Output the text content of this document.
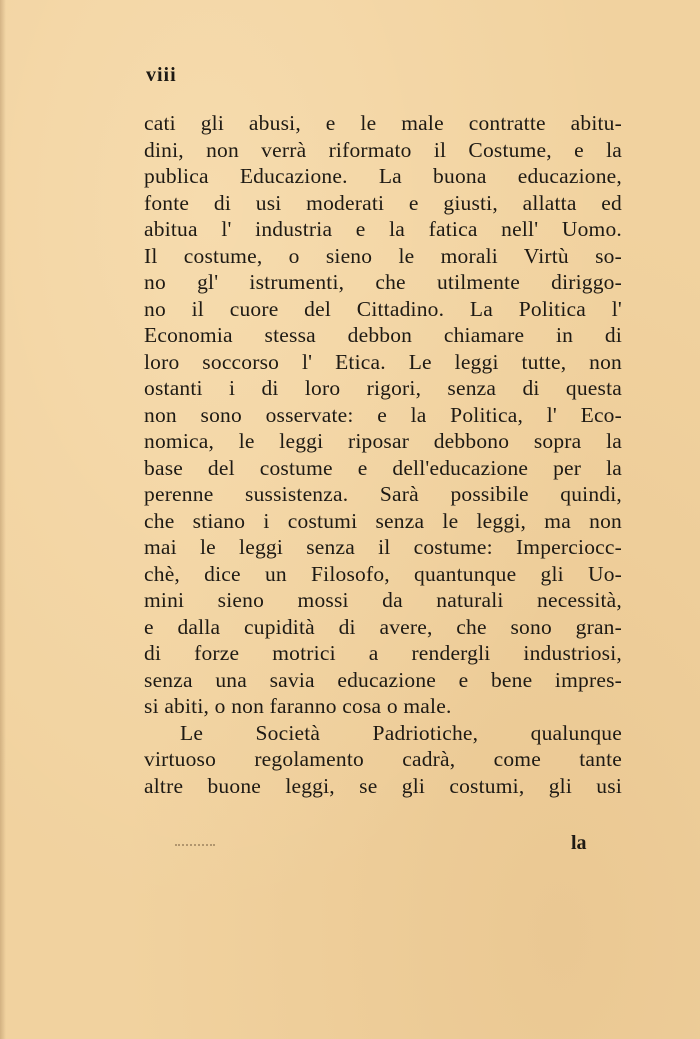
viii
cati gli abusi, e le male contratte abitu-
dini, non verrà riformato il Costume, e la
publica Educazione. La buona educazione,
fonte di usi moderati e giusti, allatta ed
abitua l' industria e la fatica nell' Uomo.
Il costume, o sieno le morali Virtù so-
no gl' istrumenti, che utilmente diriggo-
no il cuore del Cittadino. La Politica l'
Economia stessa debbon chiamare in di
loro soccorso l' Etica. Le leggi tutte, non
ostanti i di loro rigori, senza di questa
non sono osservate: e la Politica, l' Eco-
nomica, le leggi riposar debbono sopra la
base del costume e dell'educazione per la
perenne sussistenza. Sarà possibile quindi,
che stiano i costumi senza le leggi, ma non
mai le leggi senza il costume: Imperciocc-
chè, dice un Filosofo, quantunque gli Uo-
mini sieno mossi da naturali necessità,
e dalla cupidità di avere, che sono gran-
di forze motrici a rendergli industriosi,
senza una savia educazione e bene impres-
si abiti, o non faranno cosa o male.
Le Società Padriotiche, qualunque
virtuoso regolamento cadrà, come tante
altre buone leggi, se gli costumi, gli usi
la
